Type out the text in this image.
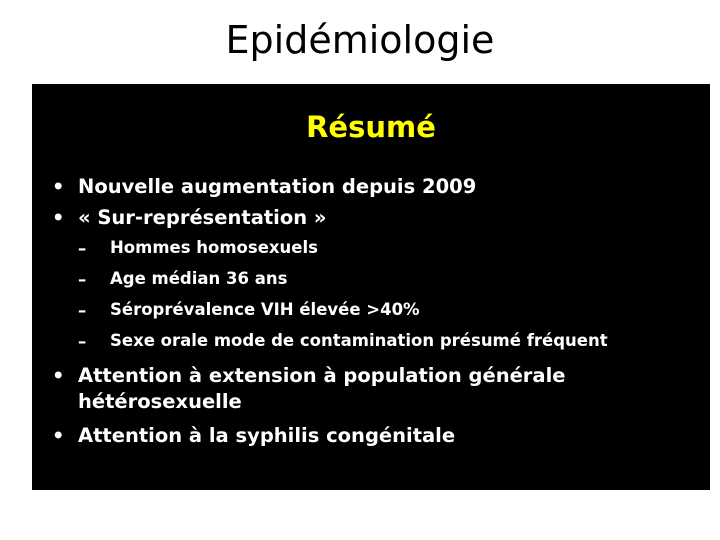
Epidémiologie
Résumé
• Nouvelle augmentation depuis 2009
• « Sur-représentation »
–	Hommes homosexuels
–	Age médian 36 ans
–	Séroprévalence VIH élevée >40%
–	Sexe orale mode de contamination présumé fréquent
• Attention à extension à population générale hétérosexuelle
• Attention à la syphilis congénitale
